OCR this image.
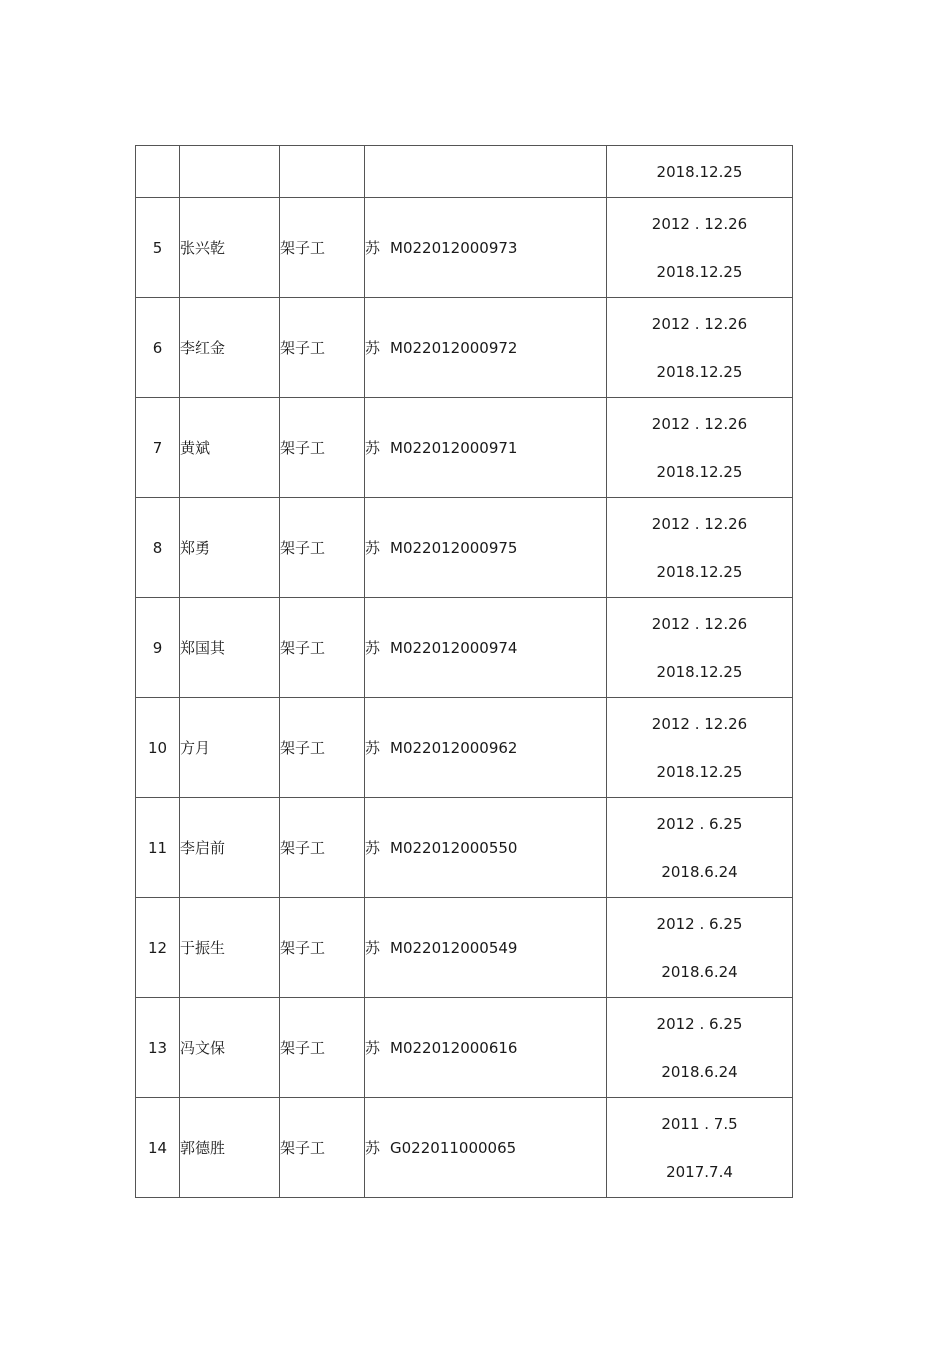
				2018.12.25

5	张兴乾	架子工	苏 M022012000973	2012 . 12.26
2018.12.25

6	李红金	架子工	苏 M022012000972	2012 . 12.26
2018.12.25

7	黄斌	架子工	苏 M022012000971	2012 . 12.26
2018.12.25

8	郑勇	架子工	苏 M022012000975	2012 . 12.26
2018.12.25

9	郑国其	架子工	苏 M022012000974	2012 . 12.26
2018.12.25

10	方月	架子工	苏 M022012000962	2012 . 12.26
2018.12.25

11	李启前	架子工	苏 M022012000550	2012 . 6.25
2018.6.24

12	于振生	架子工	苏 M022012000549	2012 . 6.25
2018.6.24

13	冯文保	架子工	苏 M022012000616	2012 . 6.25
2018.6.24

14	郭德胜	架子工	苏 G022011000065	2011 . 7.5
2017.7.4
